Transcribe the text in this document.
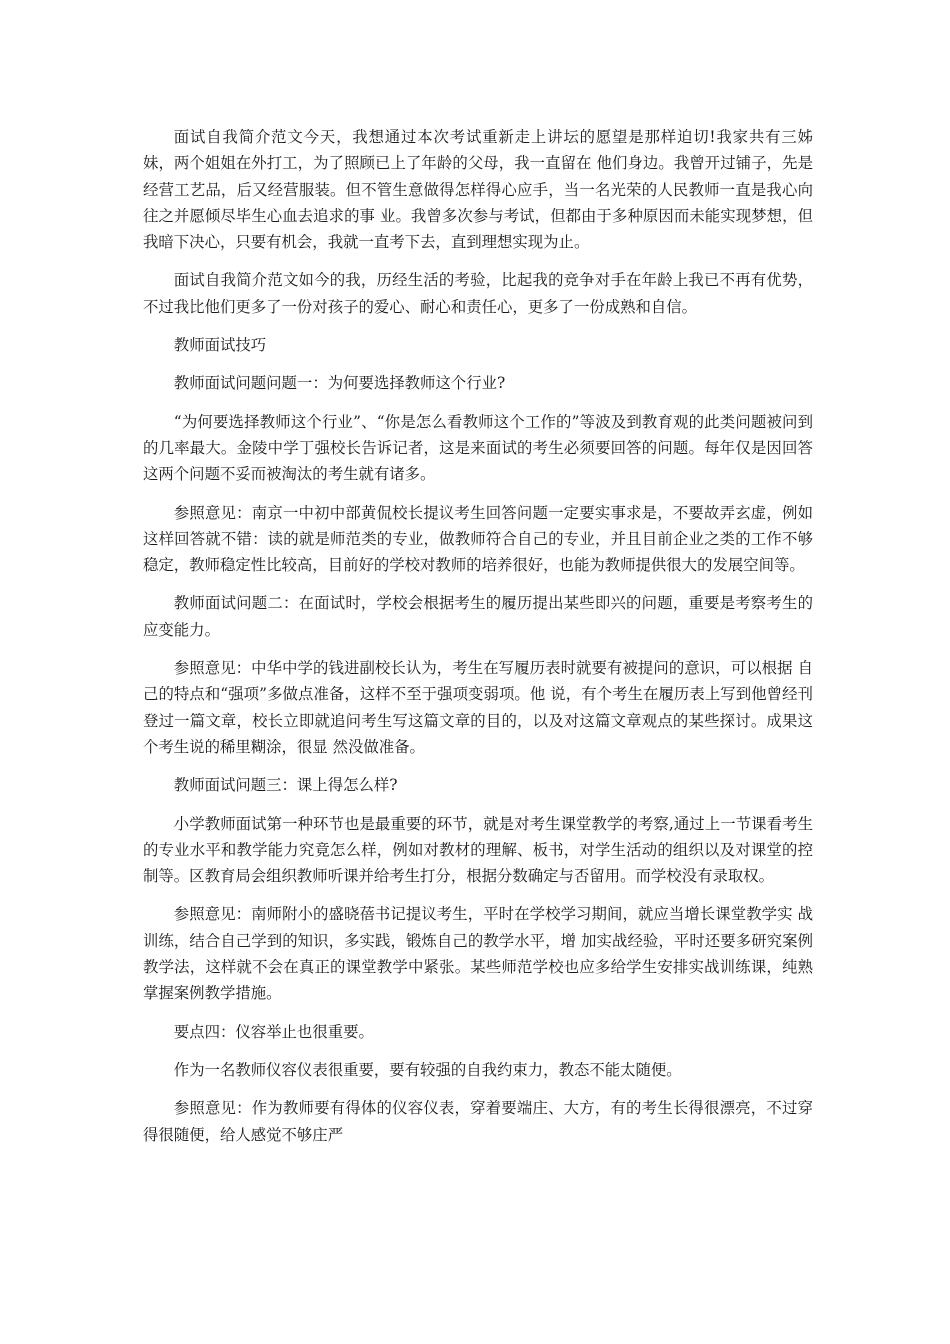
面试自我简介范文今天，我想通过本次考试重新走上讲坛的愿望是那样迫切!我家共有三姊 妹，两个姐姐在外打工，为了照顾已上了年龄的父母，我一直留在 他们身边。我曾开过铺子，先是经营工艺品，后又经营服装。但不管生意做得怎样得心应手，当一名光荣的人民教师一直是我心向往之并愿倾尽毕生心血去追求的事 业。我曾多次参与考试，但都由于多种原因而未能实现梦想，但我暗下决心，只要有机会，我就一直考下去，直到理想实现为止。

面试自我简介范文如今的我，历经生活的考验，比起我的竞争对手在年龄上我已不再有优势，不过我比他们更多了一份对孩子的爱心、耐心和责任心，更多了一份成熟和自信。

教师面试技巧

教师面试问题问题一：为何要选择教师这个行业?

“为何要选择教师这个行业”、“你是怎么看教师这个工作的”等波及到教育观的此类问题被问到的几率最大。金陵中学丁强校长告诉记者，这是来面试的考生必须要回答的问题。每年仅是因回答这两个问题不妥而被淘汰的考生就有诸多。

参照意见：南京一中初中部黄侃校长提议考生回答问题一定要实事求是，不要故弄玄虚，例如这样回答就不错：读的就是师范类的专业，做教师符合自己的专业，并且目前企业之类的工作不够稳定，教师稳定性比较高，目前好的学校对教师的培养很好，也能为教师提供很大的发展空间等。

教师面试问题二：在面试时，学校会根据考生的履历提出某些即兴的问题，重要是考察考生的应变能力。

参照意见：中华中学的钱进副校长认为，考生在写履历表时就要有被提问的意识，可以根据 自己的特点和“强项”多做点准备，这样不至于强项变弱项。他 说，有个考生在履历表上写到他曾经刊登过一篇文章，校长立即就追问考生写这篇文章的目的，以及对这篇文章观点的某些探讨。成果这个考生说的稀里糊涂，很显 然没做准备。

教师面试问题三：课上得怎么样?

小学教师面试第一种环节也是最重要的环节，就是对考生课堂教学的考察,通过上一节课看考生的专业水平和教学能力究竟怎么样，例如对教材的理解、板书，对学生活动的组织以及对课堂的控制等。区教育局会组织教师听课并给考生打分，根据分数确定与否留用。而学校没有录取权。

参照意见：南师附小的盛晓蓓书记提议考生，平时在学校学习期间，就应当增长课堂教学实 战训练，结合自己学到的知识，多实践，锻炼自己的教学水平，增 加实战经验，平时还要多研究案例教学法，这样就不会在真正的课堂教学中紧张。某些师范学校也应多给学生安排实战训练课，纯熟掌握案例教学措施。

要点四：仪容举止也很重要。

作为一名教师仪容仪表很重要，要有较强的自我约束力，教态不能太随便。

参照意见：作为教师要有得体的仪容仪表，穿着要端庄、大方，有的考生长得很漂亮，不过穿得很随便，给人感觉不够庄严
